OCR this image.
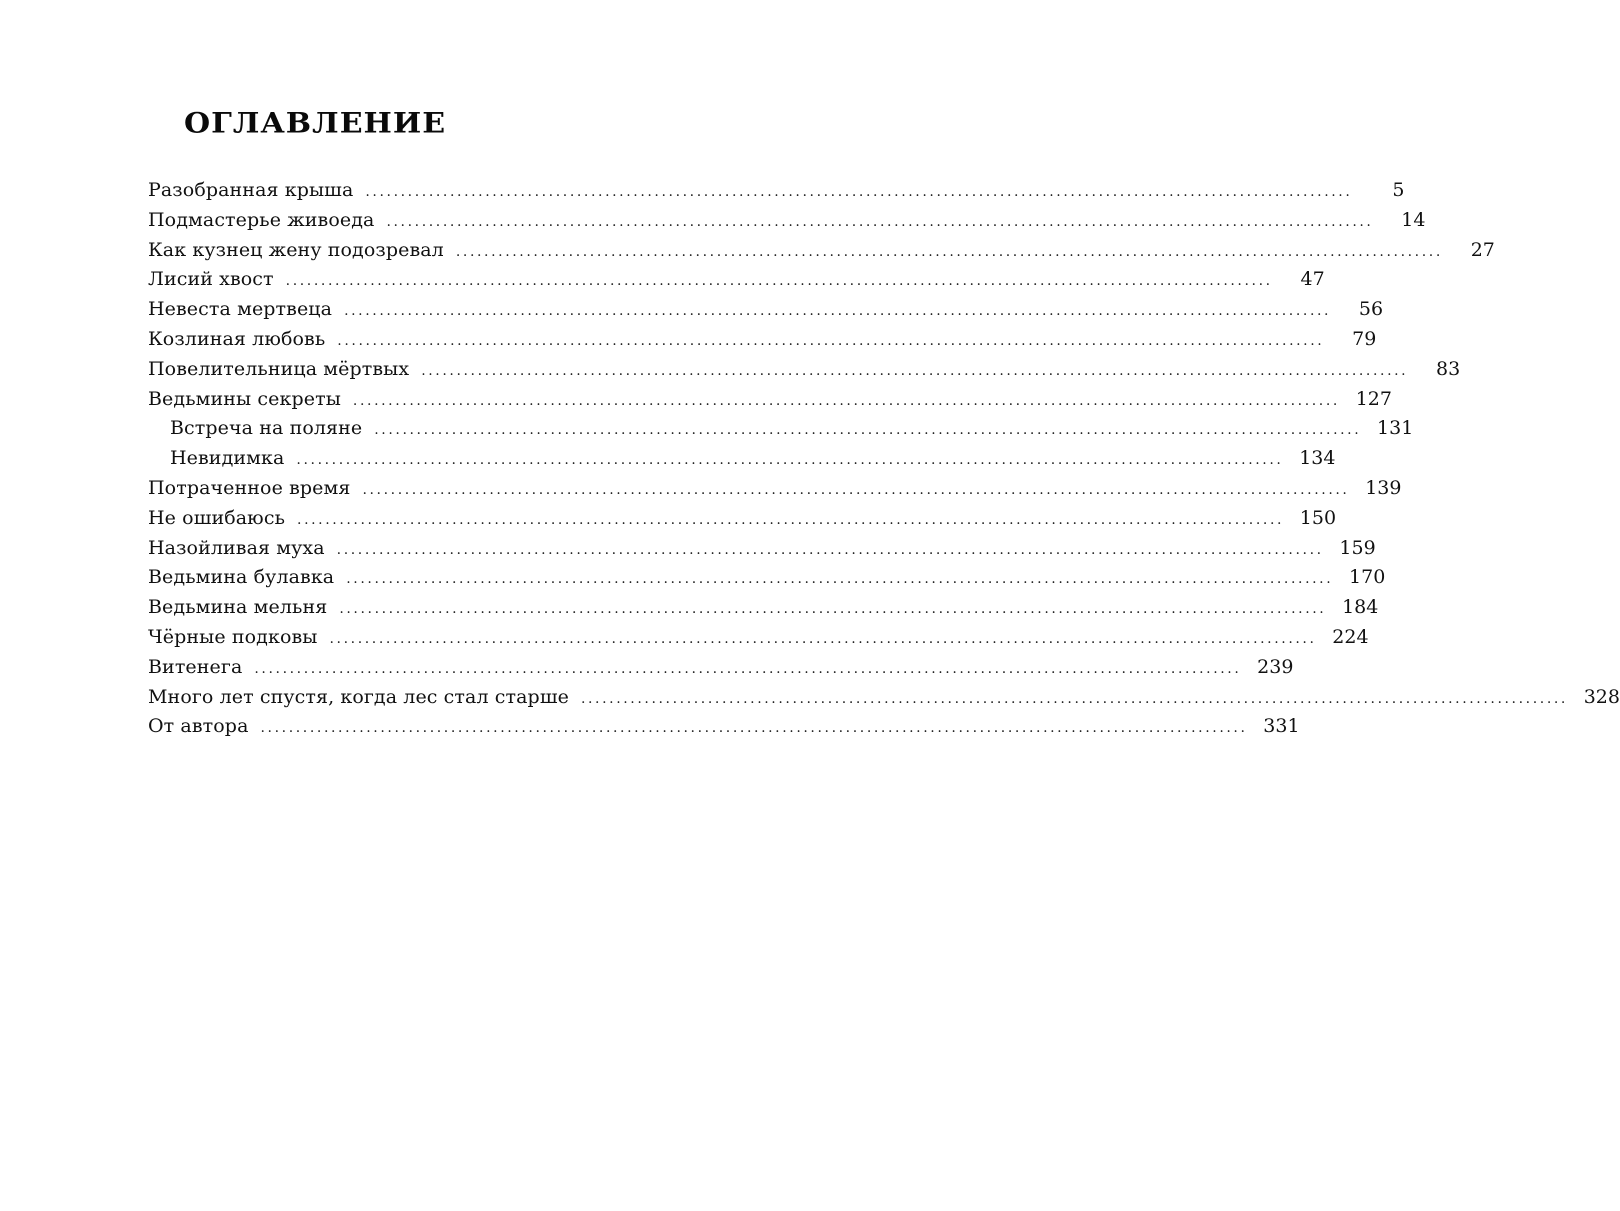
ОГЛАВЛЕНИЕ
Разобранная крыша ............................................................................................................................................	5
Подмастерье живоеда ............................................................................................................................................	14
Как кузнец жену подозревал ............................................................................................................................................	27
Лисий хвост ............................................................................................................................................	47
Невеста мертвеца ............................................................................................................................................	56
Козлиная любовь ............................................................................................................................................	79
Повелительница мёртвых ............................................................................................................................................	83
Ведьмины секреты ............................................................................................................................................ 127
Встреча на поляне ............................................................................................................................................ 131
Невидимка ............................................................................................................................................ 134
Потраченное время ............................................................................................................................................ 139
Не ошибаюсь ............................................................................................................................................ 150
Назойливая муха ............................................................................................................................................ 159
Ведьмина булавка ............................................................................................................................................ 170
Ведьмина мельня ............................................................................................................................................ 184
Чёрные подковы ............................................................................................................................................ 224
Витенега ............................................................................................................................................ 239
Много лет спустя, когда лес стал старше ............................................................................................................................................ 328
От автора ............................................................................................................................................ 331
